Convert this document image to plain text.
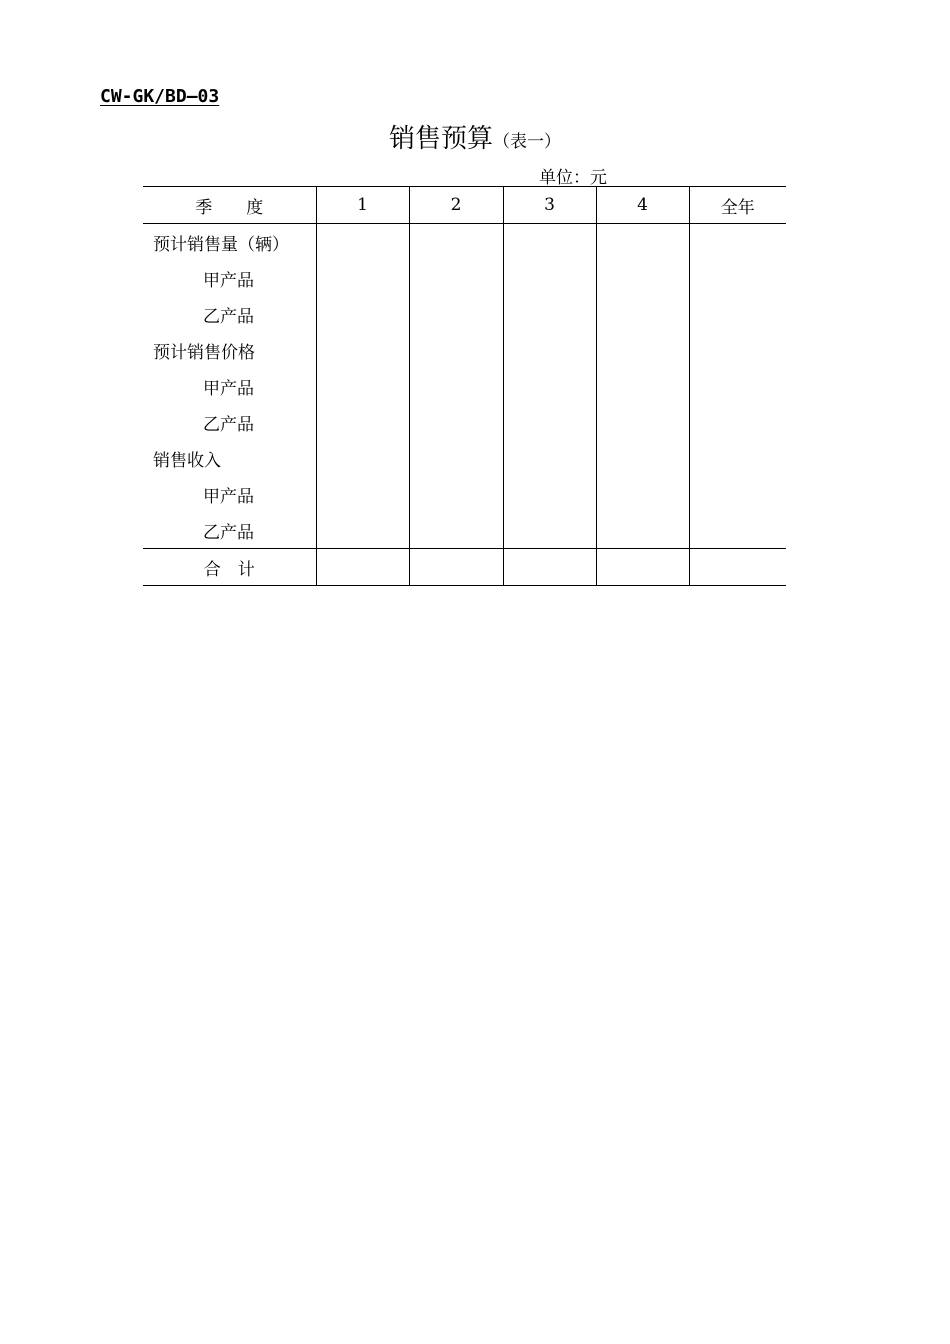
CW-GK/BD—03
销售预算（表一）
单位：元
季　　度	1	2	3	4	全年
预计销售量（辆）					
甲产品					
乙产品					
预计销售价格					
甲产品					
乙产品					
销售收入					
甲产品					
乙产品					
合　计					
